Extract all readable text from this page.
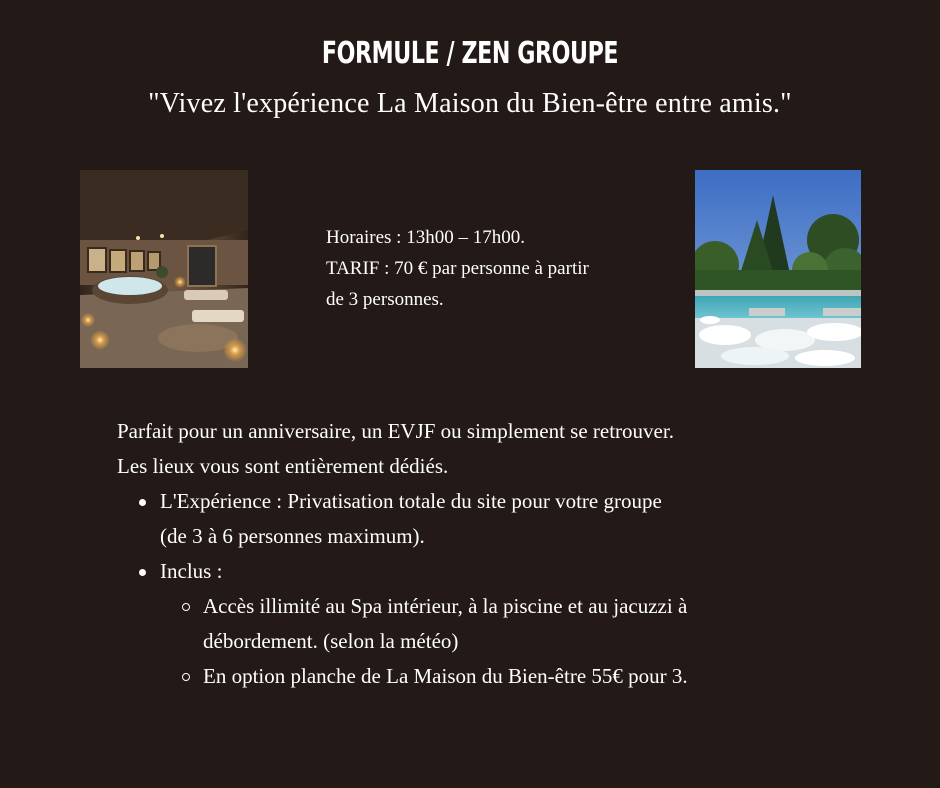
FORMULE / ZEN GROUPE
"Vivez l'expérience La Maison du Bien-être entre amis."

Horaires : 13h00 – 17h00.

TARIF : 70 € par personne à partir

de 3 personnes.

Parfait pour un anniversaire, un EVJF ou simplement se retrouver.

Les lieux vous sont entièrement dédiés.

L'Expérience : Privatisation totale du site pour votre groupe
(de 3 à 6 personnes maximum).
Inclus :
Accès illimité au Spa intérieur, à la piscine et au jacuzzi à
débordement. (selon la météo)
En option planche de La Maison du Bien-être 55€ pour 3.
